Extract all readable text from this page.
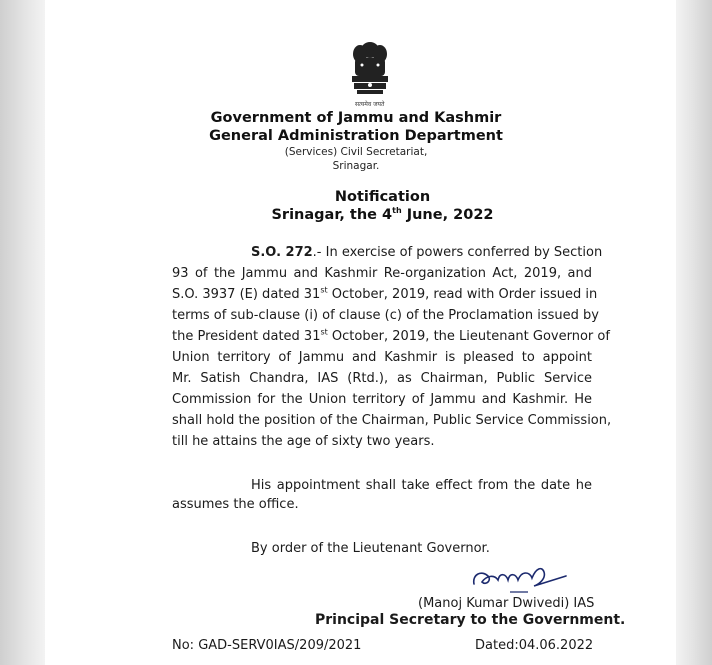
सत्यमेव जयते
Government of Jammu and Kashmir
General Administration Department
(Services) Civil Secretariat,
Srinagar.
Notification
Srinagar, the 4th June, 2022
S.O. 272.- In exercise of powers conferred by Section
93 of the Jammu and Kashmir Re-organization Act, 2019, and
S.O. 3937 (E) dated 31st October, 2019, read with Order issued in
terms of sub-clause (i) of clause (c) of the Proclamation issued by
the President dated 31st October, 2019, the Lieutenant Governor of
Union territory of Jammu and Kashmir is pleased to appoint
Mr. Satish Chandra, IAS (Rtd.), as Chairman, Public Service
Commission for the Union territory of Jammu and Kashmir. He
shall hold the position of the Chairman, Public Service Commission,
till he attains the age of sixty two years.
His appointment shall take effect from the date he
assumes the office.
By order of the Lieutenant Governor.
(Manoj Kumar Dwivedi) IAS
Principal Secretary to the Government.
No: GAD-SERV0IAS/209/2021	Dated:04.06.2022
